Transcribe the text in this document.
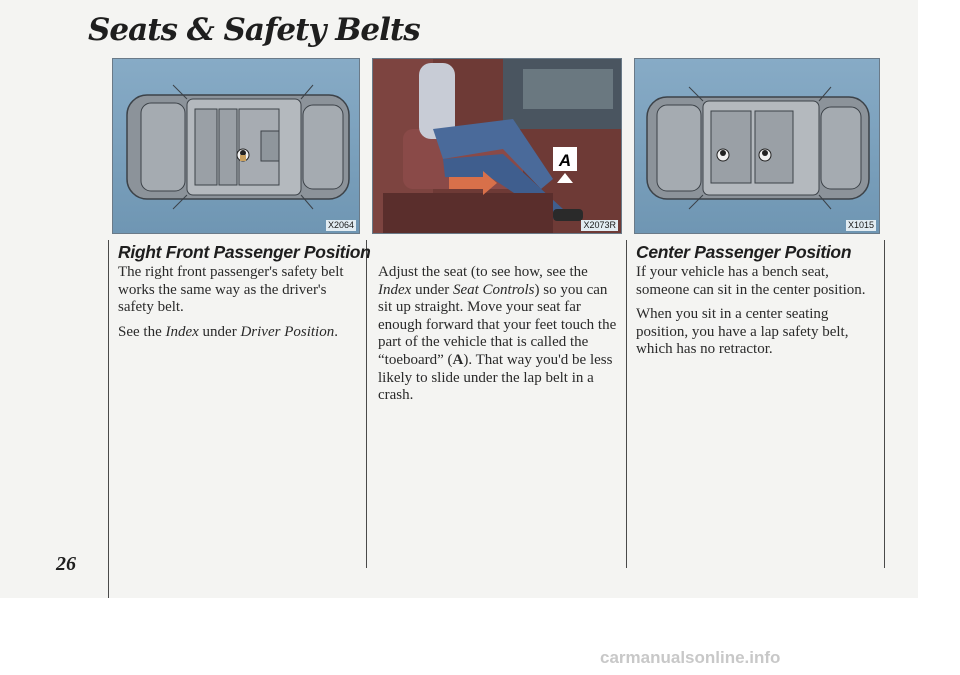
Seats & Safety Belts
X2064
A
X2073R	X1015
Right Front Passenger Position

The right front passenger's safety belt works the same way as the driver's safety belt.

See the Index under Driver Position.

Adjust the seat (to see how, see the Index under Seat Controls) so you can sit up straight. Move your seat far enough forward that your feet touch the part of the vehicle that is called the “toeboard” (A). That way you'd be less likely to slide under the lap belt in a crash.

Center Passenger Position

If your vehicle has a bench seat, someone can sit in the center position.

When you sit in a center seating position, you have a lap safety belt, which has no retractor.

26
carmanualsonline.info
